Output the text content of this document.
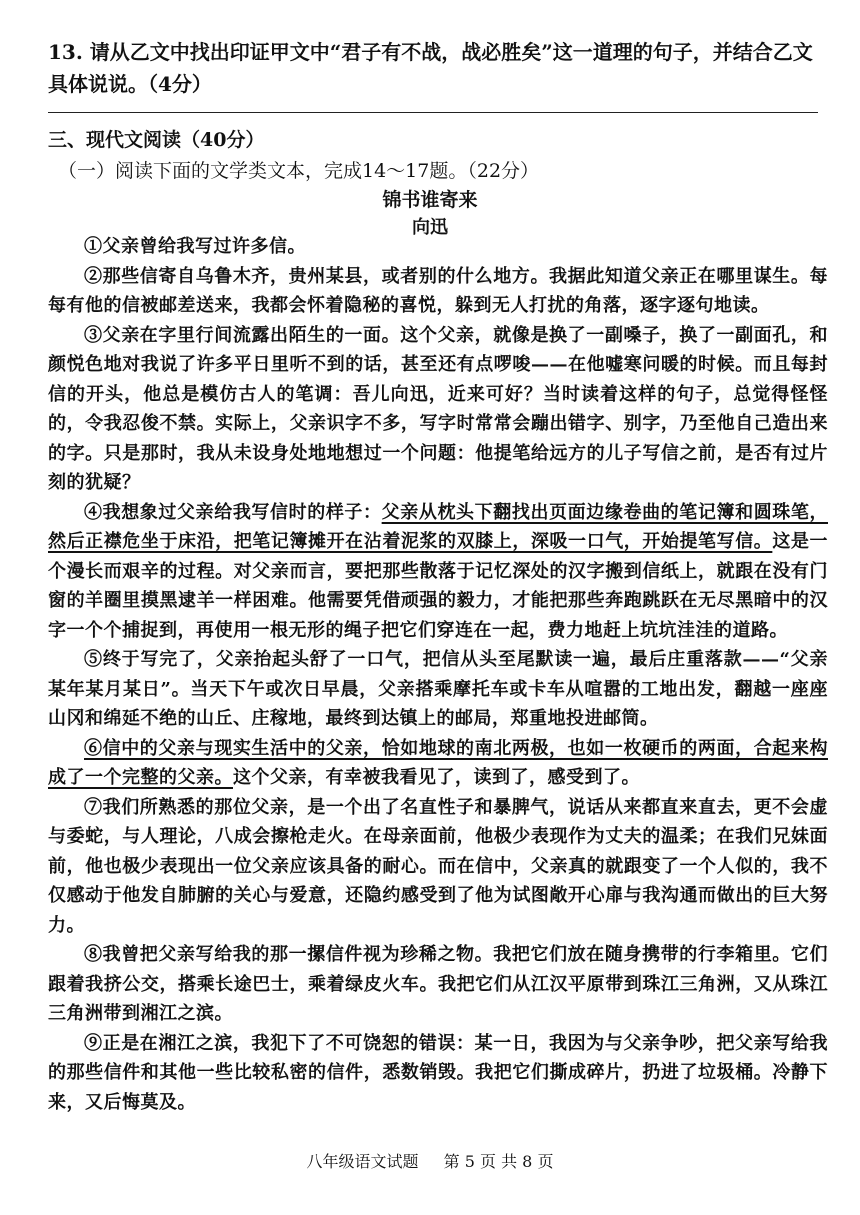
13. 请从乙文中找出印证甲文中“君子有不战，战必胜矣”这一道理的句子，并结合乙文具体说说。（4分）
三、现代文阅读（40分）
（一）阅读下面的文学类文本，完成14～17题。（22分）
锦书谁寄来
向迅

①父亲曾给我写过许多信。

②那些信寄自乌鲁木齐，贵州某县，或者别的什么地方。我据此知道父亲正在哪里谋生。每每有他的信被邮差送来，我都会怀着隐秘的喜悦，躲到无人打扰的角落，逐字逐句地读。

③父亲在字里行间流露出陌生的一面。这个父亲，就像是换了一副嗓子，换了一副面孔，和颜悦色地对我说了许多平日里听不到的话，甚至还有点啰唆——在他嘘寒问暖的时候。而且每封信的开头，他总是模仿古人的笔调：吾儿向迅，近来可好？当时读着这样的句子，总觉得怪怪的，令我忍俊不禁。实际上，父亲识字不多，写字时常常会蹦出错字、别字，乃至他自己造出来的字。只是那时，我从未设身处地地想过一个问题：他提笔给远方的儿子写信之前，是否有过片刻的犹疑？

④我想象过父亲给我写信时的样子：父亲从枕头下翻找出页面边缘卷曲的笔记簿和圆珠笔，然后正襟危坐于床沿，把笔记簿摊开在沾着泥浆的双膝上，深吸一口气，开始提笔写信。这是一个漫长而艰辛的过程。对父亲而言，要把那些散落于记忆深处的汉字搬到信纸上，就跟在没有门窗的羊圈里摸黑逮羊一样困难。他需要凭借顽强的毅力，才能把那些奔跑跳跃在无尽黑暗中的汉字一个个捕捉到，再使用一根无形的绳子把它们穿连在一起，费力地赶上坑坑洼洼的道路。

⑤终于写完了，父亲抬起头舒了一口气，把信从头至尾默读一遍，最后庄重落款——“父亲某年某月某日”。当天下午或次日早晨，父亲搭乘摩托车或卡车从喧嚣的工地出发，翻越一座座山冈和绵延不绝的山丘、庄稼地，最终到达镇上的邮局，郑重地投进邮筒。

⑥信中的父亲与现实生活中的父亲，恰如地球的南北两极，也如一枚硬币的两面，合起来构成了一个完整的父亲。这个父亲，有幸被我看见了，读到了，感受到了。

⑦我们所熟悉的那位父亲，是一个出了名直性子和暴脾气，说话从来都直来直去，更不会虚与委蛇，与人理论，八成会擦枪走火。在母亲面前，他极少表现作为丈夫的温柔；在我们兄妹面前，他也极少表现出一位父亲应该具备的耐心。而在信中，父亲真的就跟变了一个人似的，我不仅感动于他发自肺腑的关心与爱意，还隐约感受到了他为试图敞开心扉与我沟通而做出的巨大努力。

⑧我曾把父亲写给我的那一摞信件视为珍稀之物。我把它们放在随身携带的行李箱里。它们跟着我挤公交，搭乘长途巴士，乘着绿皮火车。我把它们从江汉平原带到珠江三角洲，又从珠江三角洲带到湘江之滨。

⑨正是在湘江之滨，我犯下了不可饶恕的错误：某一日，我因为与父亲争吵，把父亲写给我的那些信件和其他一些比较私密的信件，悉数销毁。我把它们撕成碎片，扔进了垃圾桶。冷静下来，又后悔莫及。

八年级语文试题 第 5 页 共 8 页
